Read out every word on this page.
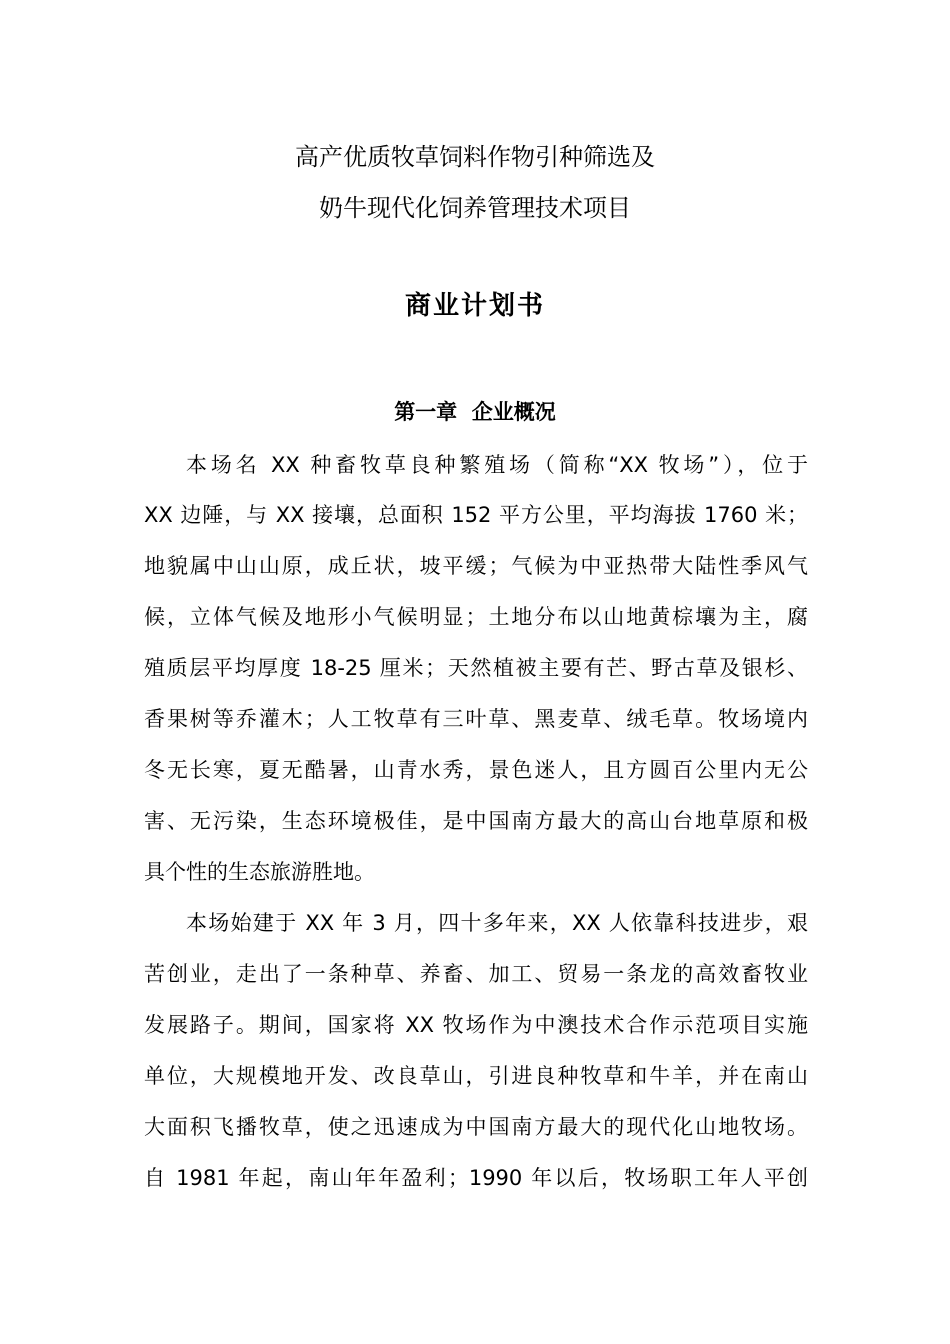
高产优质牧草饲料作物引种筛选及
奶牛现代化饲养管理技术项目
商业计划书
第一章  企业概况
本场名 XX 种畜牧草良种繁殖场（简称“XX 牧场”），位于
XX 边陲，与 XX 接壤，总面积 152 平方公里，平均海拔 1760 米；
地貌属中山山原，成丘状，坡平缓；气候为中亚热带大陆性季风气
候，立体气候及地形小气候明显；土地分布以山地黄棕壤为主，腐
殖质层平均厚度 18-25 厘米；天然植被主要有芒、野古草及银杉、
香果树等乔灌木；人工牧草有三叶草、黑麦草、绒毛草。牧场境内
冬无长寒，夏无酷暑，山青水秀，景色迷人，且方圆百公里内无公
害、无污染，生态环境极佳，是中国南方最大的高山台地草原和极
具个性的生态旅游胜地。
本场始建于 XX 年 3 月，四十多年来，XX 人依靠科技进步，艰
苦创业，走出了一条种草、养畜、加工、贸易一条龙的高效畜牧业
发展路子。期间，国家将 XX 牧场作为中澳技术合作示范项目实施
单位，大规模地开发、改良草山，引进良种牧草和牛羊，并在南山
大面积飞播牧草，使之迅速成为中国南方最大的现代化山地牧场。
自 1981 年起，南山年年盈利；1990 年以后，牧场职工年人平创
